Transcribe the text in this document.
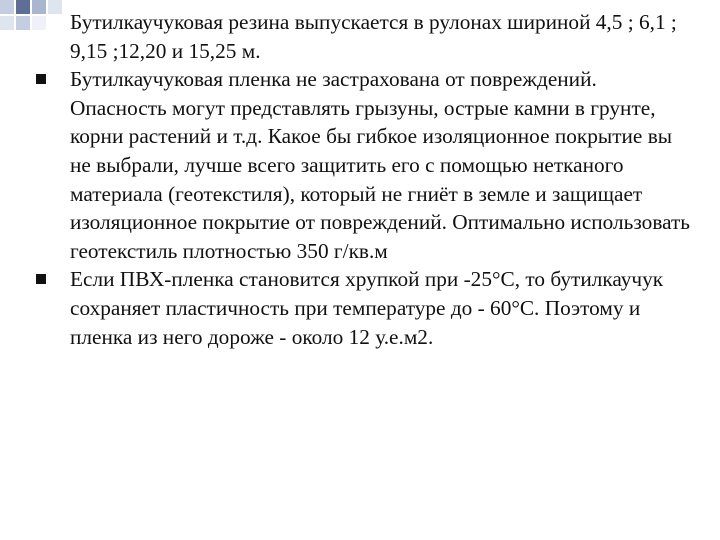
Бутилкаучуковая резина выпускается в рулонах шириной 4,5 ; 6,1 ; 9,15 ;12,20 и 15,25 м.

Бутилкаучуковая пленка не застрахована от повреждений. Опасность могут представлять грызуны, острые камни в грунте, корни растений и т.д. Какое бы гибкое изоляционное покрытие вы не выбрали, лучше всего защитить его с помощью нетканого материала (геотекстиля), который не гниёт в земле и защищает изоляционное покрытие от повреждений. Оптимально использовать геотекстиль плотностью 350 г/кв.м

Если ПВХ-пленка становится хрупкой при -25°С, то бутилкаучук сохраняет пластичность при температуре до - 60°С. Поэтому и пленка из него дороже - около 12 у.е.м2.
